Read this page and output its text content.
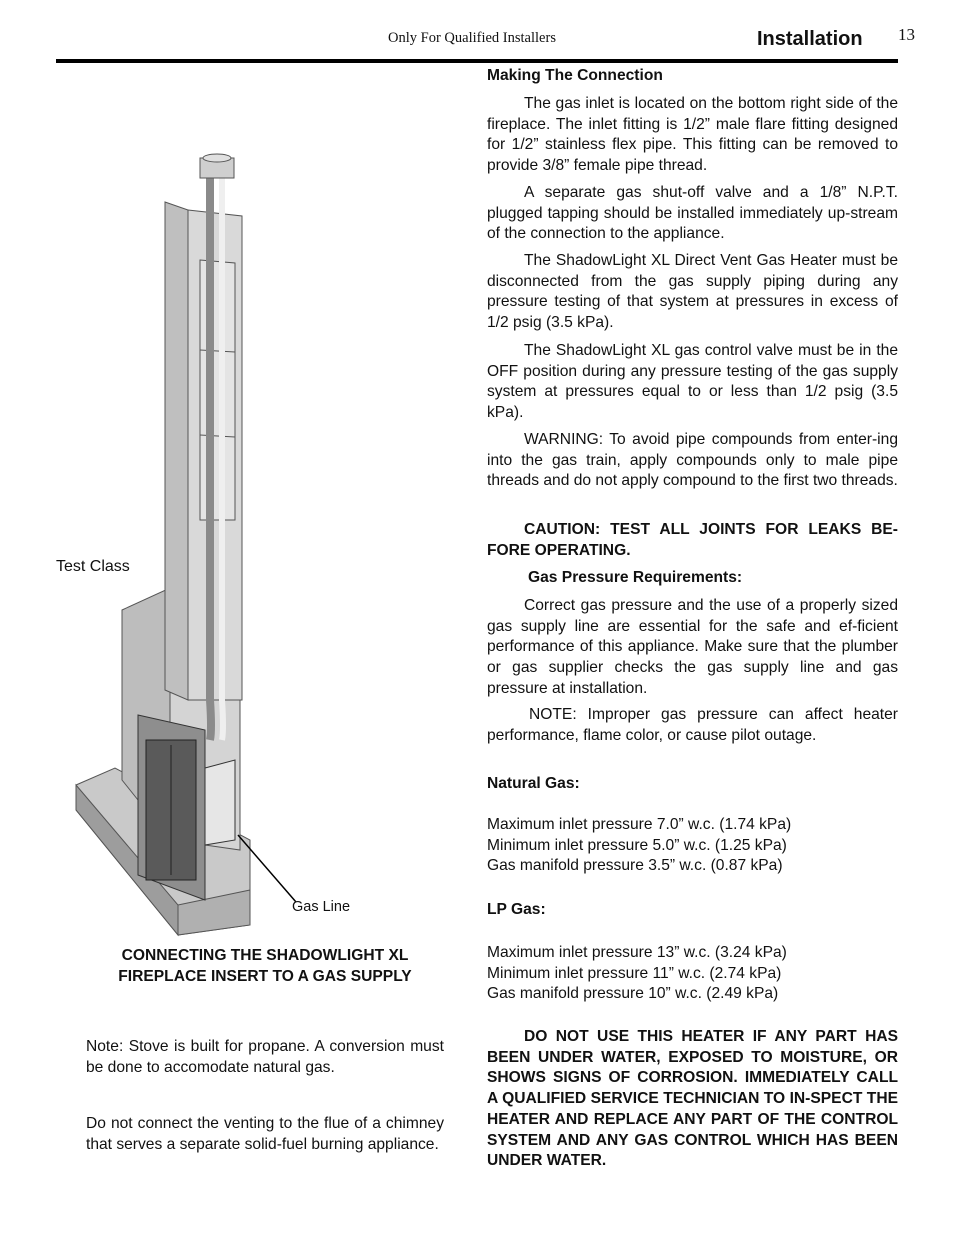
Only For Qualified Installers	Installation 13
Test Class
Gas Line
CONNECTING THE SHADOWLIGHT XL
FIREPLACE INSERT TO A GAS SUPPLY
Note: Stove is built for propane. A conversion must be done to accomodate natural gas.
Do not connect the venting to the flue of a chimney that serves a separate solid-fuel burning appliance.

Making The Connection

The gas inlet is located on the bottom right side of the fireplace. The inlet fitting is 1/2” male flare fitting designed for 1/2” stainless flex pipe. This fitting can be removed to provide 3/8” female pipe thread.

A separate gas shut-off valve and a 1/8” N.P.T. plugged tapping should be installed immediately up-stream of the connection to the appliance.

The ShadowLight XL Direct Vent Gas Heater must be disconnected from the gas supply piping during any pressure testing of that system at pressures in excess of 1/2 psig (3.5 kPa).

The ShadowLight XL gas control valve must be in the OFF position during any pressure testing of the gas supply system at pressures equal to or less than 1/2 psig (3.5 kPa).

WARNING: To avoid pipe compounds from enter-ing into the gas train, apply compounds only to male pipe threads and do not apply compound to the first two threads.

CAUTION: TEST ALL JOINTS FOR LEAKS BE-FORE OPERATING.

Gas Pressure Requirements:

Correct gas pressure and the use of a properly sized gas supply line are essential for the safe and ef-ficient performance of this appliance. Make sure that the plumber or gas supplier checks the gas supply line and gas pressure at installation.

NOTE: Improper gas pressure can affect heater performance, flame color, or cause pilot outage.

Natural Gas:

Maximum inlet pressure 7.0” w.c. (1.74 kPa)

Minimum inlet pressure 5.0” w.c. (1.25 kPa)

Gas manifold pressure 3.5” w.c. (0.87 kPa)

LP Gas:

Maximum inlet pressure 13” w.c. (3.24 kPa)

Minimum inlet pressure 11” w.c. (2.74 kPa)

Gas manifold pressure 10” w.c. (2.49 kPa)

DO NOT USE THIS HEATER IF ANY PART HAS BEEN UNDER WATER, EXPOSED TO MOISTURE, OR SHOWS SIGNS OF CORROSION. IMMEDIATELY CALL A QUALIFIED SERVICE TECHNICIAN TO IN-SPECT THE HEATER AND REPLACE ANY PART OF THE CONTROL SYSTEM AND ANY GAS CONTROL WHICH HAS BEEN UNDER WATER.
